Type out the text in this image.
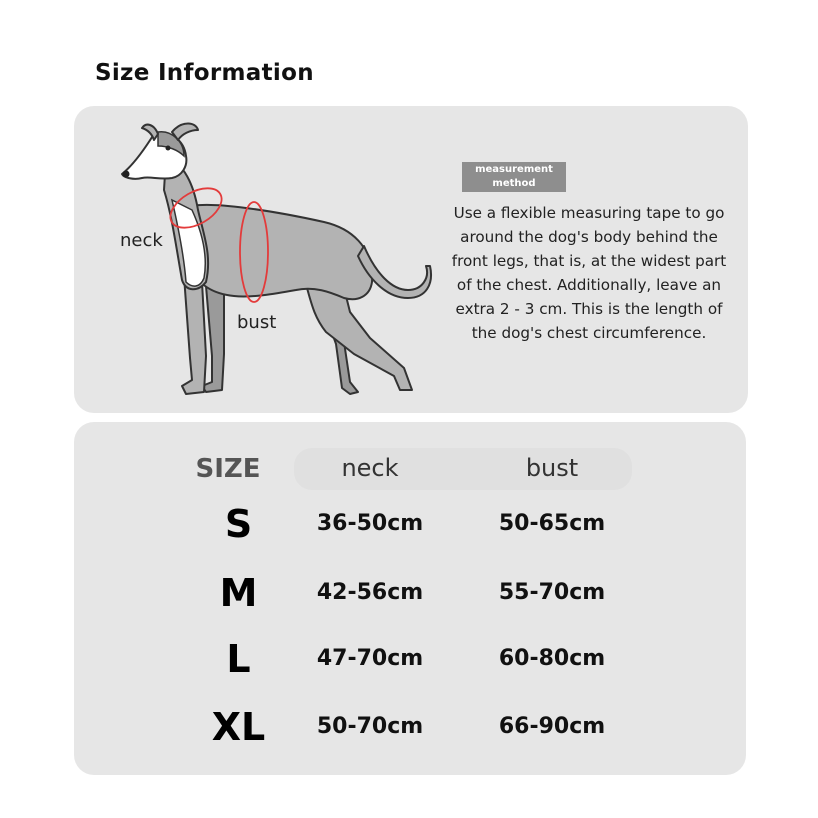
Size Information
neck
bust
measurement
method
Use a flexible measuring tape to go around the dog's body behind the front legs, that is, at the widest part of the chest. Additionally, leave an extra 2 - 3 cm. This is the length of the dog's chest circumference.
SIZE	neck	bust
S	36-50cm	50-65cm
M	42-56cm	55-70cm
L	47-70cm	60-80cm
XL	50-70cm	66-90cm
